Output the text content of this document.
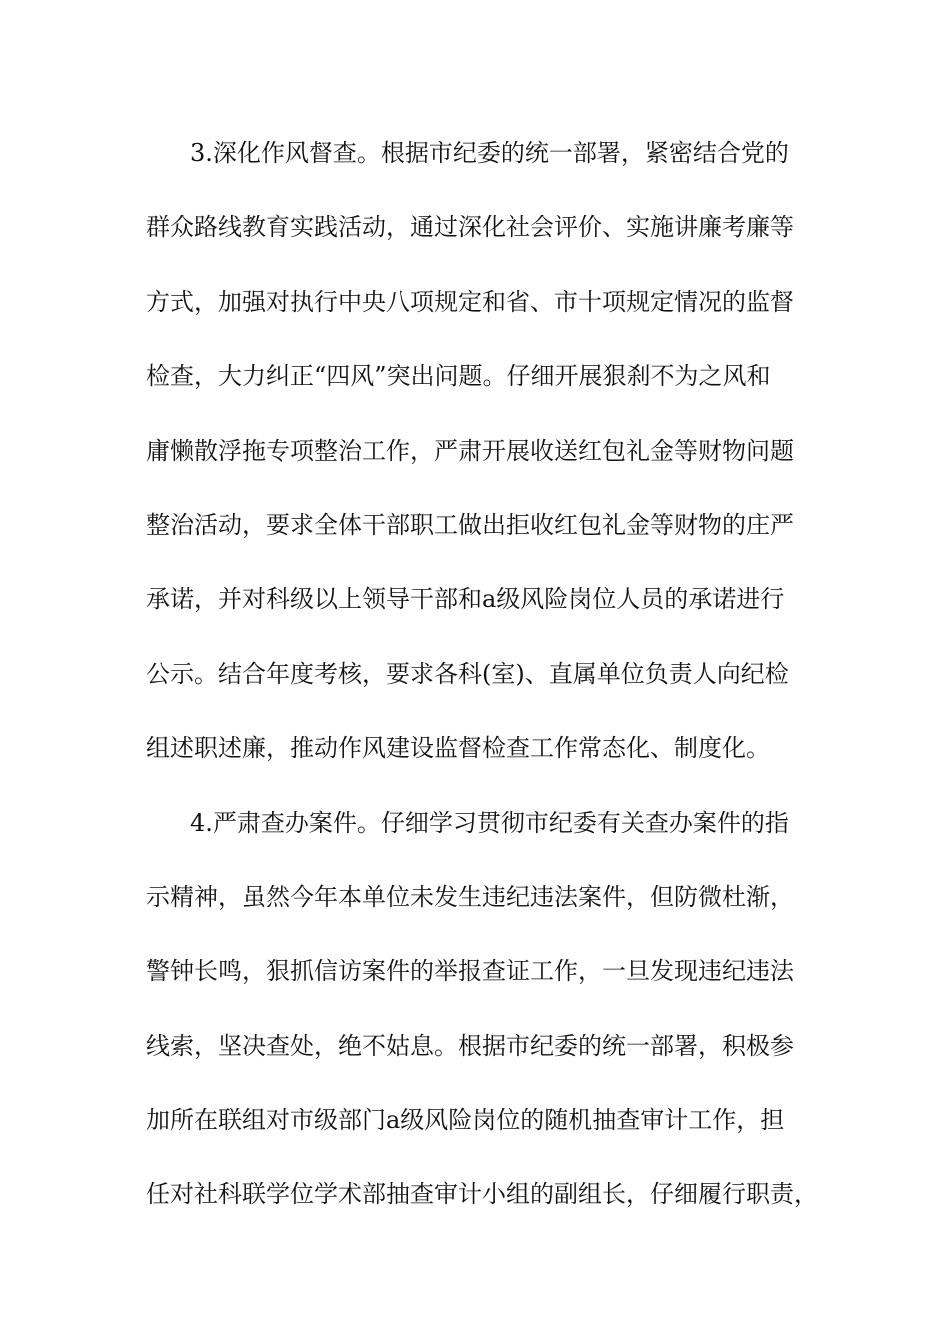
3.深化作风督查。根据市纪委的统一部署，紧密结合党的
群众路线教育实践活动，通过深化社会评价、实施讲廉考廉等
方式，加强对执行中央八项规定和省、市十项规定情况的监督
检查，大力纠正“四风”突出问题。仔细开展狠刹不为之风和
庸懒散浮拖专项整治工作，严肃开展收送红包礼金等财物问题
整治活动，要求全体干部职工做出拒收红包礼金等财物的庄严
承诺，并对科级以上领导干部和a级风险岗位人员的承诺进行
公示。结合年度考核，要求各科(室)、直属单位负责人向纪检
组述职述廉，推动作风建设监督检查工作常态化、制度化。
4.严肃查办案件。仔细学习贯彻市纪委有关查办案件的指
示精神，虽然今年本单位未发生违纪违法案件，但防微杜渐，
警钟长鸣，狠抓信访案件的举报查证工作，一旦发现违纪违法
线索，坚决查处，绝不姑息。根据市纪委的统一部署，积极参
加所在联组对市级部门a级风险岗位的随机抽查审计工作，担
任对社科联学位学术部抽查审计小组的副组长，仔细履行职责，
